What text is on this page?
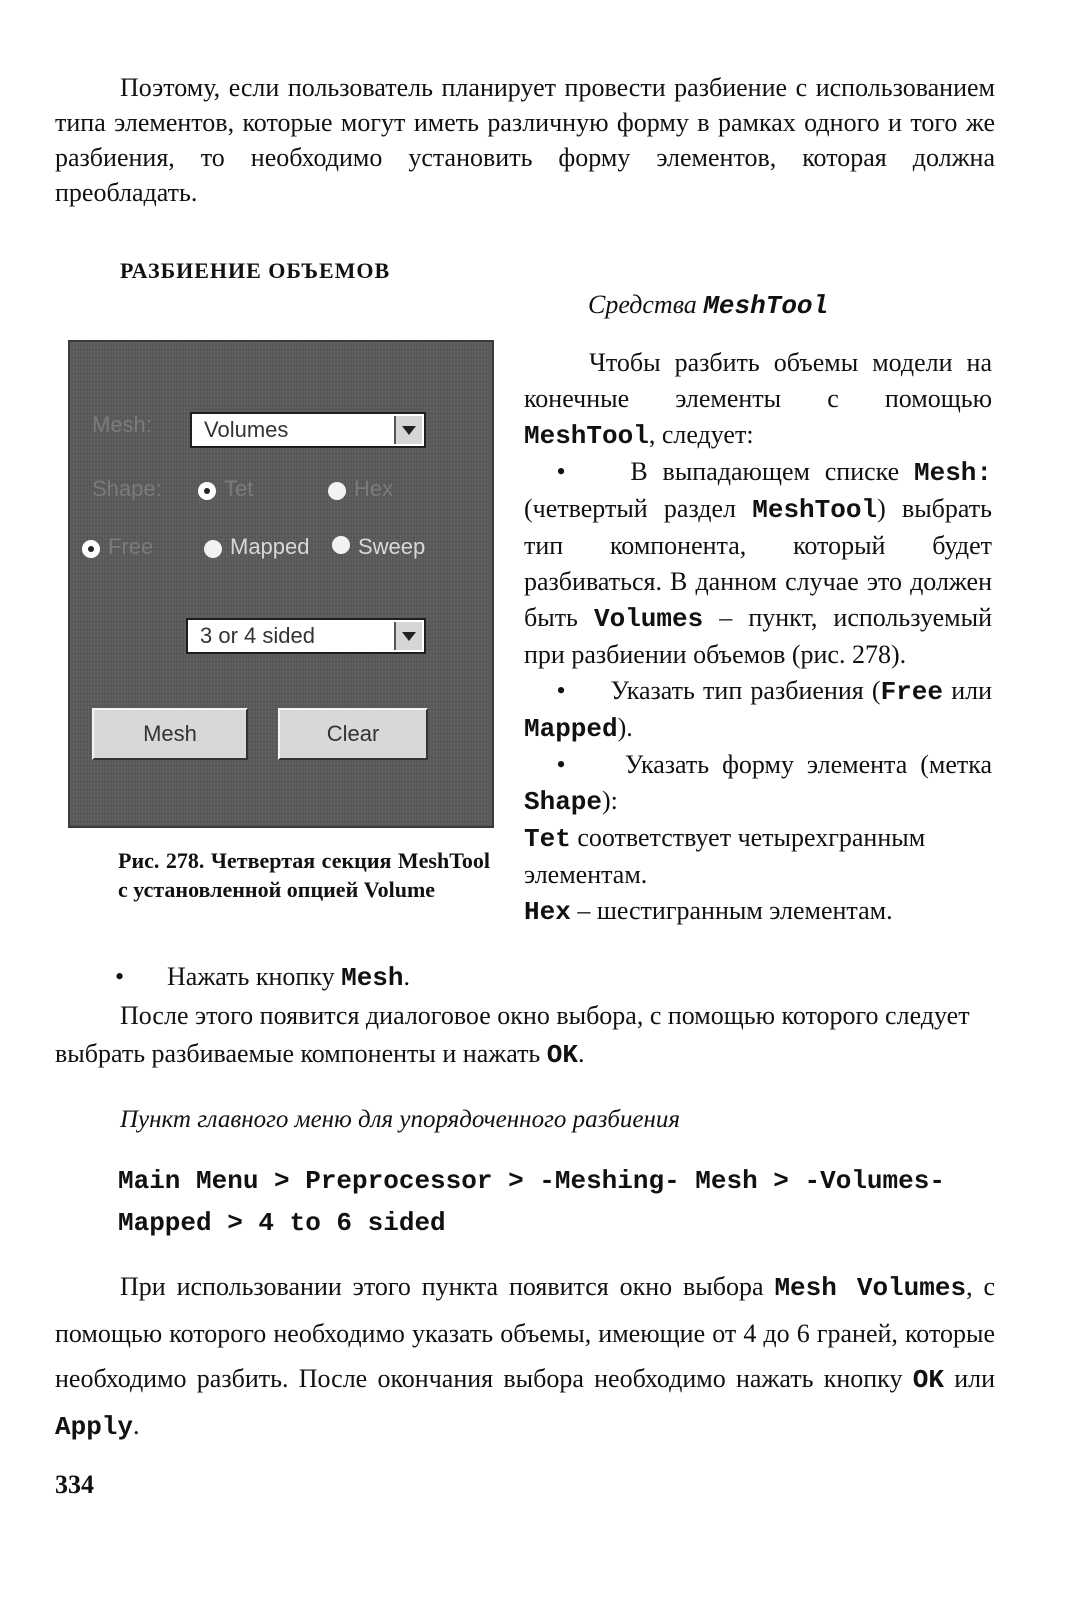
Поэтому, если пользователь планирует провести разбиение с использованием типа элементов, которые могут иметь различную форму в рамках одного и того же разбиения, то необходимо установить форму элементов, которая должна преобладать.

РАЗБИЕНИЕ ОБЪЕМОВ
Средства MeshTool
Mesh: Volumes
Shape:	Tet	Hex
Free	Mapped Sweep
3 or 4 sided
Mesh	Clear

Рис. 278. Четвертая секция MeshTool с установленной опцией Volume

Чтобы разбить объемы модели на конечные элементы с помощью MeshTool, следует:

• В выпадающем списке Mesh: (четвертый раздел MeshTool) выбрать тип компонента, который будет разбиваться. В данном случае это должен быть Volumes – пункт, используемый при разбиении объемов (рис. 278).

• Указать тип разбиения (Free или Mapped).

• Указать форму элемента (метка Shape):

Tet соответствует четырехгранным элементам.

Hex – шестигранным элементам.

• Нажать кнопку Mesh.

После этого появится диалоговое окно выбора, с помощью которого следует выбрать разбиваемые компоненты и нажать OK.

Пункт главного меню для упорядоченного разбиения

Main Menu > Preprocessor > -Meshing- Mesh > -Volumes- Mapped > 4 to 6 sided

При использовании этого пункта появится окно выбора Mesh Volumes, с помощью которого необходимо указать объемы, имеющие от 4 до 6 граней, которые необходимо разбить. После окончания выбора необходимо нажать кнопку OK или Apply.

334
